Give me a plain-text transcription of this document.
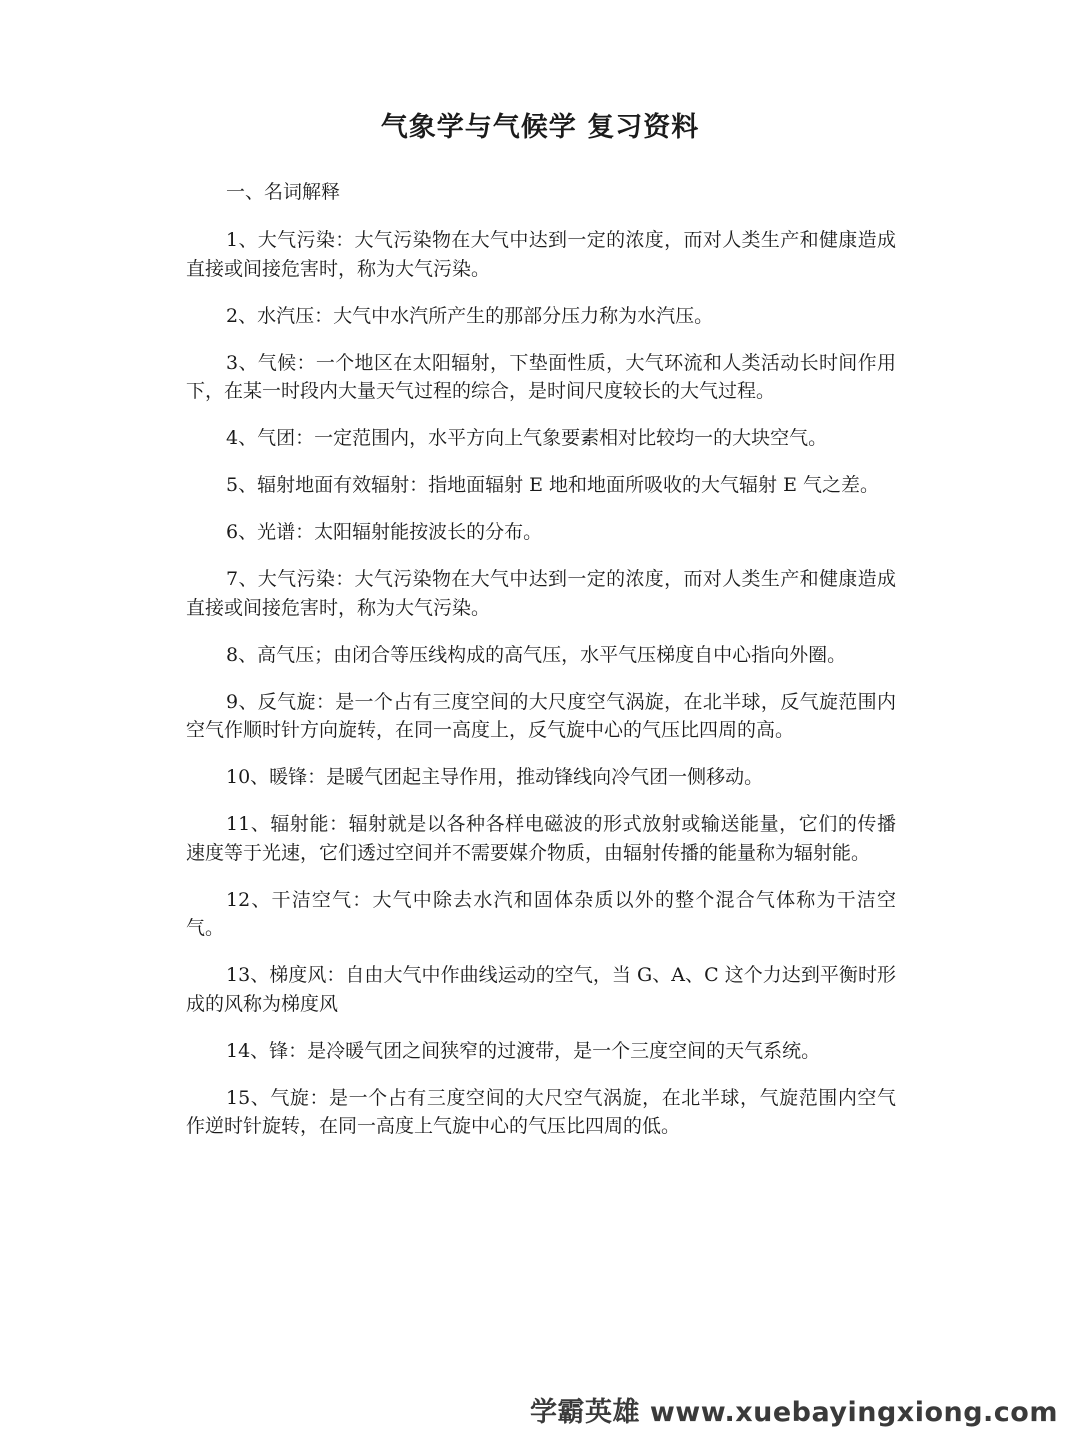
气象学与气候学 复习资料

一、名词解释

1、大气污染：大气污染物在大气中达到一定的浓度，而对人类生产和健康造成直接或间接危害时，称为大气污染。

2、水汽压：大气中水汽所产生的那部分压力称为水汽压。

3、气候：一个地区在太阳辐射，下垫面性质，大气环流和人类活动长时间作用下，在某一时段内大量天气过程的综合，是时间尺度较长的大气过程。

4、气团：一定范围内，水平方向上气象要素相对比较均一的大块空气。

5、辐射地面有效辐射：指地面辐射 E 地和地面所吸收的大气辐射 E 气之差。

6、光谱：太阳辐射能按波长的分布。

7、大气污染：大气污染物在大气中达到一定的浓度，而对人类生产和健康造成直接或间接危害时，称为大气污染。

8、高气压；由闭合等压线构成的高气压，水平气压梯度自中心指向外圈。

9、反气旋：是一个占有三度空间的大尺度空气涡旋，在北半球，反气旋范围内空气作顺时针方向旋转，在同一高度上，反气旋中心的气压比四周的高。

10、暖锋：是暖气团起主导作用，推动锋线向冷气团一侧移动。

11、辐射能：辐射就是以各种各样电磁波的形式放射或输送能量，它们的传播速度等于光速，它们透过空间并不需要媒介物质，由辐射传播的能量称为辐射能。

12、干洁空气：大气中除去水汽和固体杂质以外的整个混合气体称为干洁空气。

13、梯度风：自由大气中作曲线运动的空气，当 G、A、C 这个力达到平衡时形成的风称为梯度风

14、锋：是冷暖气团之间狭窄的过渡带，是一个三度空间的天气系统。

15、气旋：是一个占有三度空间的大尺空气涡旋，在北半球，气旋范围内空气作逆时针旋转，在同一高度上气旋中心的气压比四周的低。

学霸英雄 www.xuebayingxiong.com
